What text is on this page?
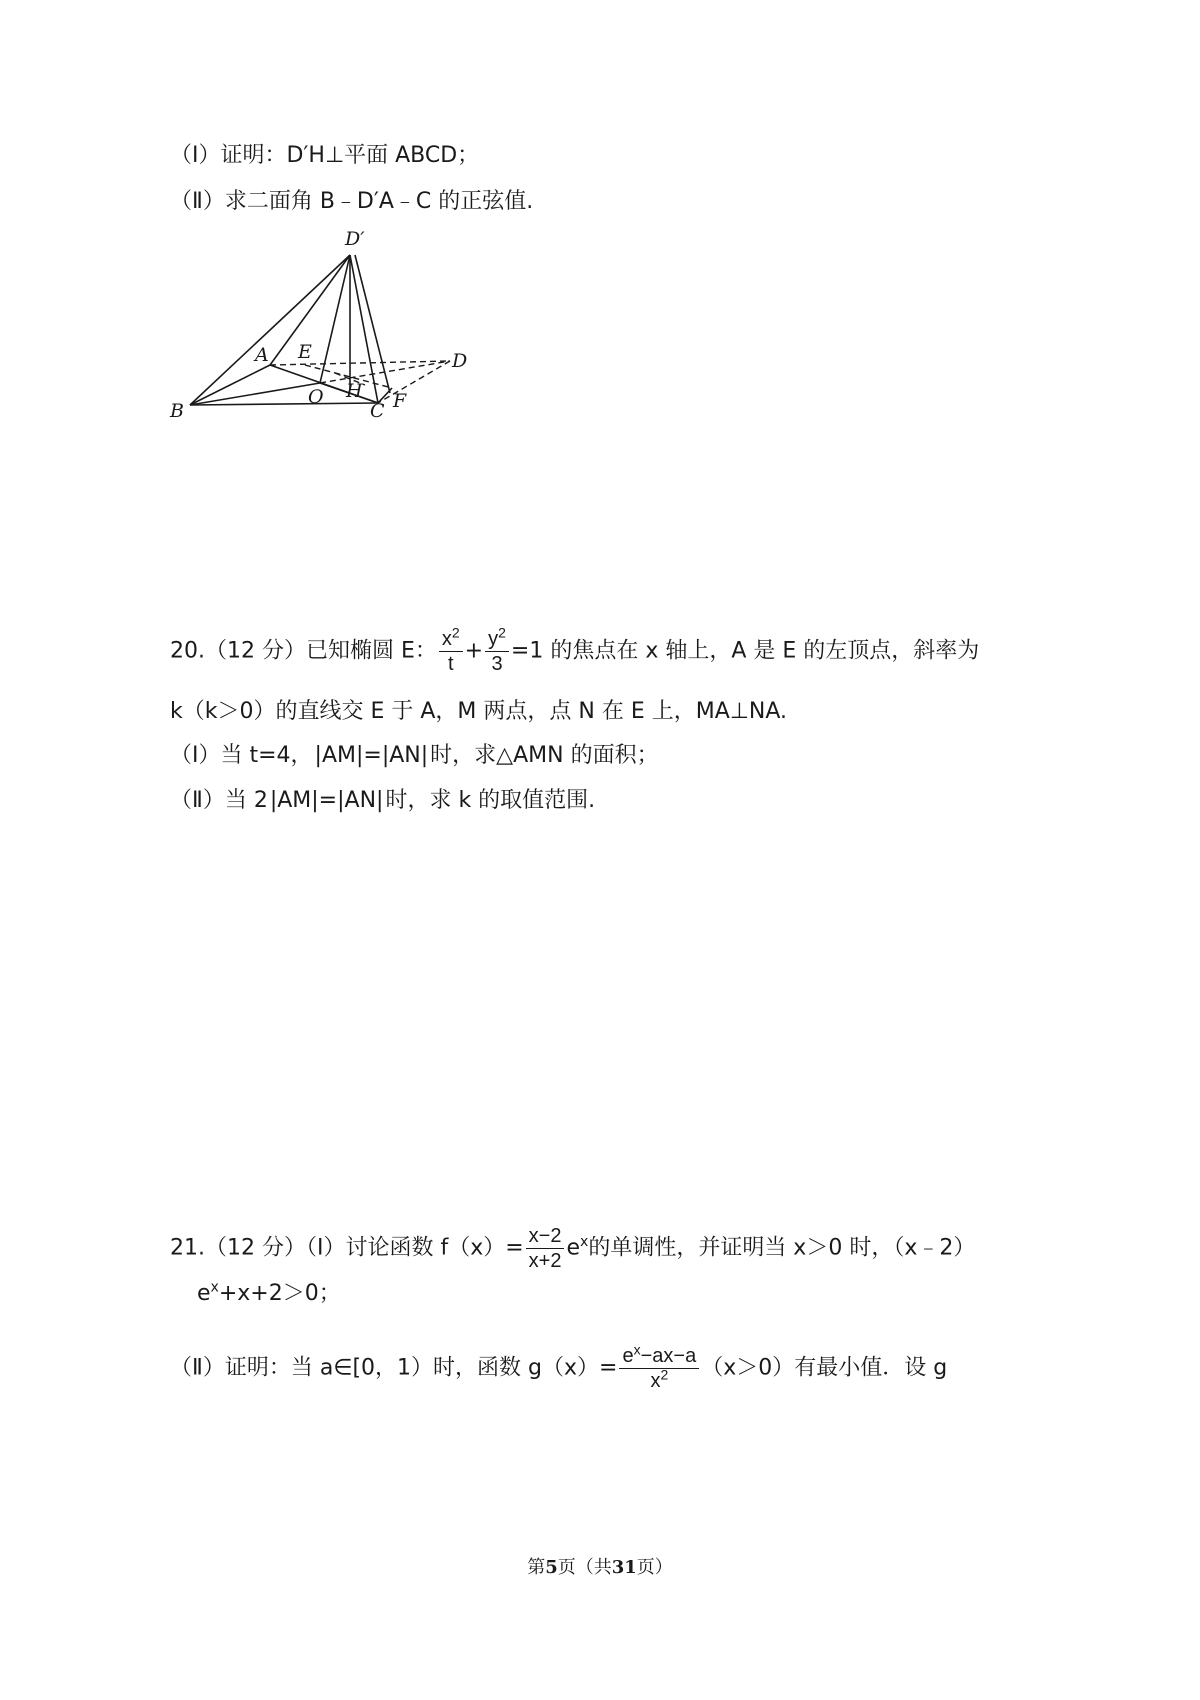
（Ⅰ）证明：D′H⊥平面 ABCD；
（Ⅱ）求二面角 B﹣D′A﹣C 的正弦值.
D′
A E	D
B
O H
C F
20.（12 分）已知椭圆 E： $\frac{x^2}{t} + \frac{y^2}{3} =1$ 的焦点在 x 轴上，A 是 E 的左顶点，斜率为
k（k＞0）的直线交 E 于 A，M 两点，点 N 在 E 上，MA⊥NA.
（Ⅰ）当 t=4，|AM|=|AN|时，求△AMN 的面积；
（Ⅱ）当 2|AM|=|AN|时，求 k 的取值范围.
21.（12 分）（Ⅰ）讨论函数 $f(x)= \frac{x-2}{x+2} e^x$的单调性，并证明当 x＞0 时，（x﹣2）
$e^x+x+2>0$；
（Ⅱ）证明：当 a∈[0，1）时，函数 $g(x)= \frac{e^x-ax-a}{x^2} (x>0)$有最小值．设 g
第5页（共31页）
